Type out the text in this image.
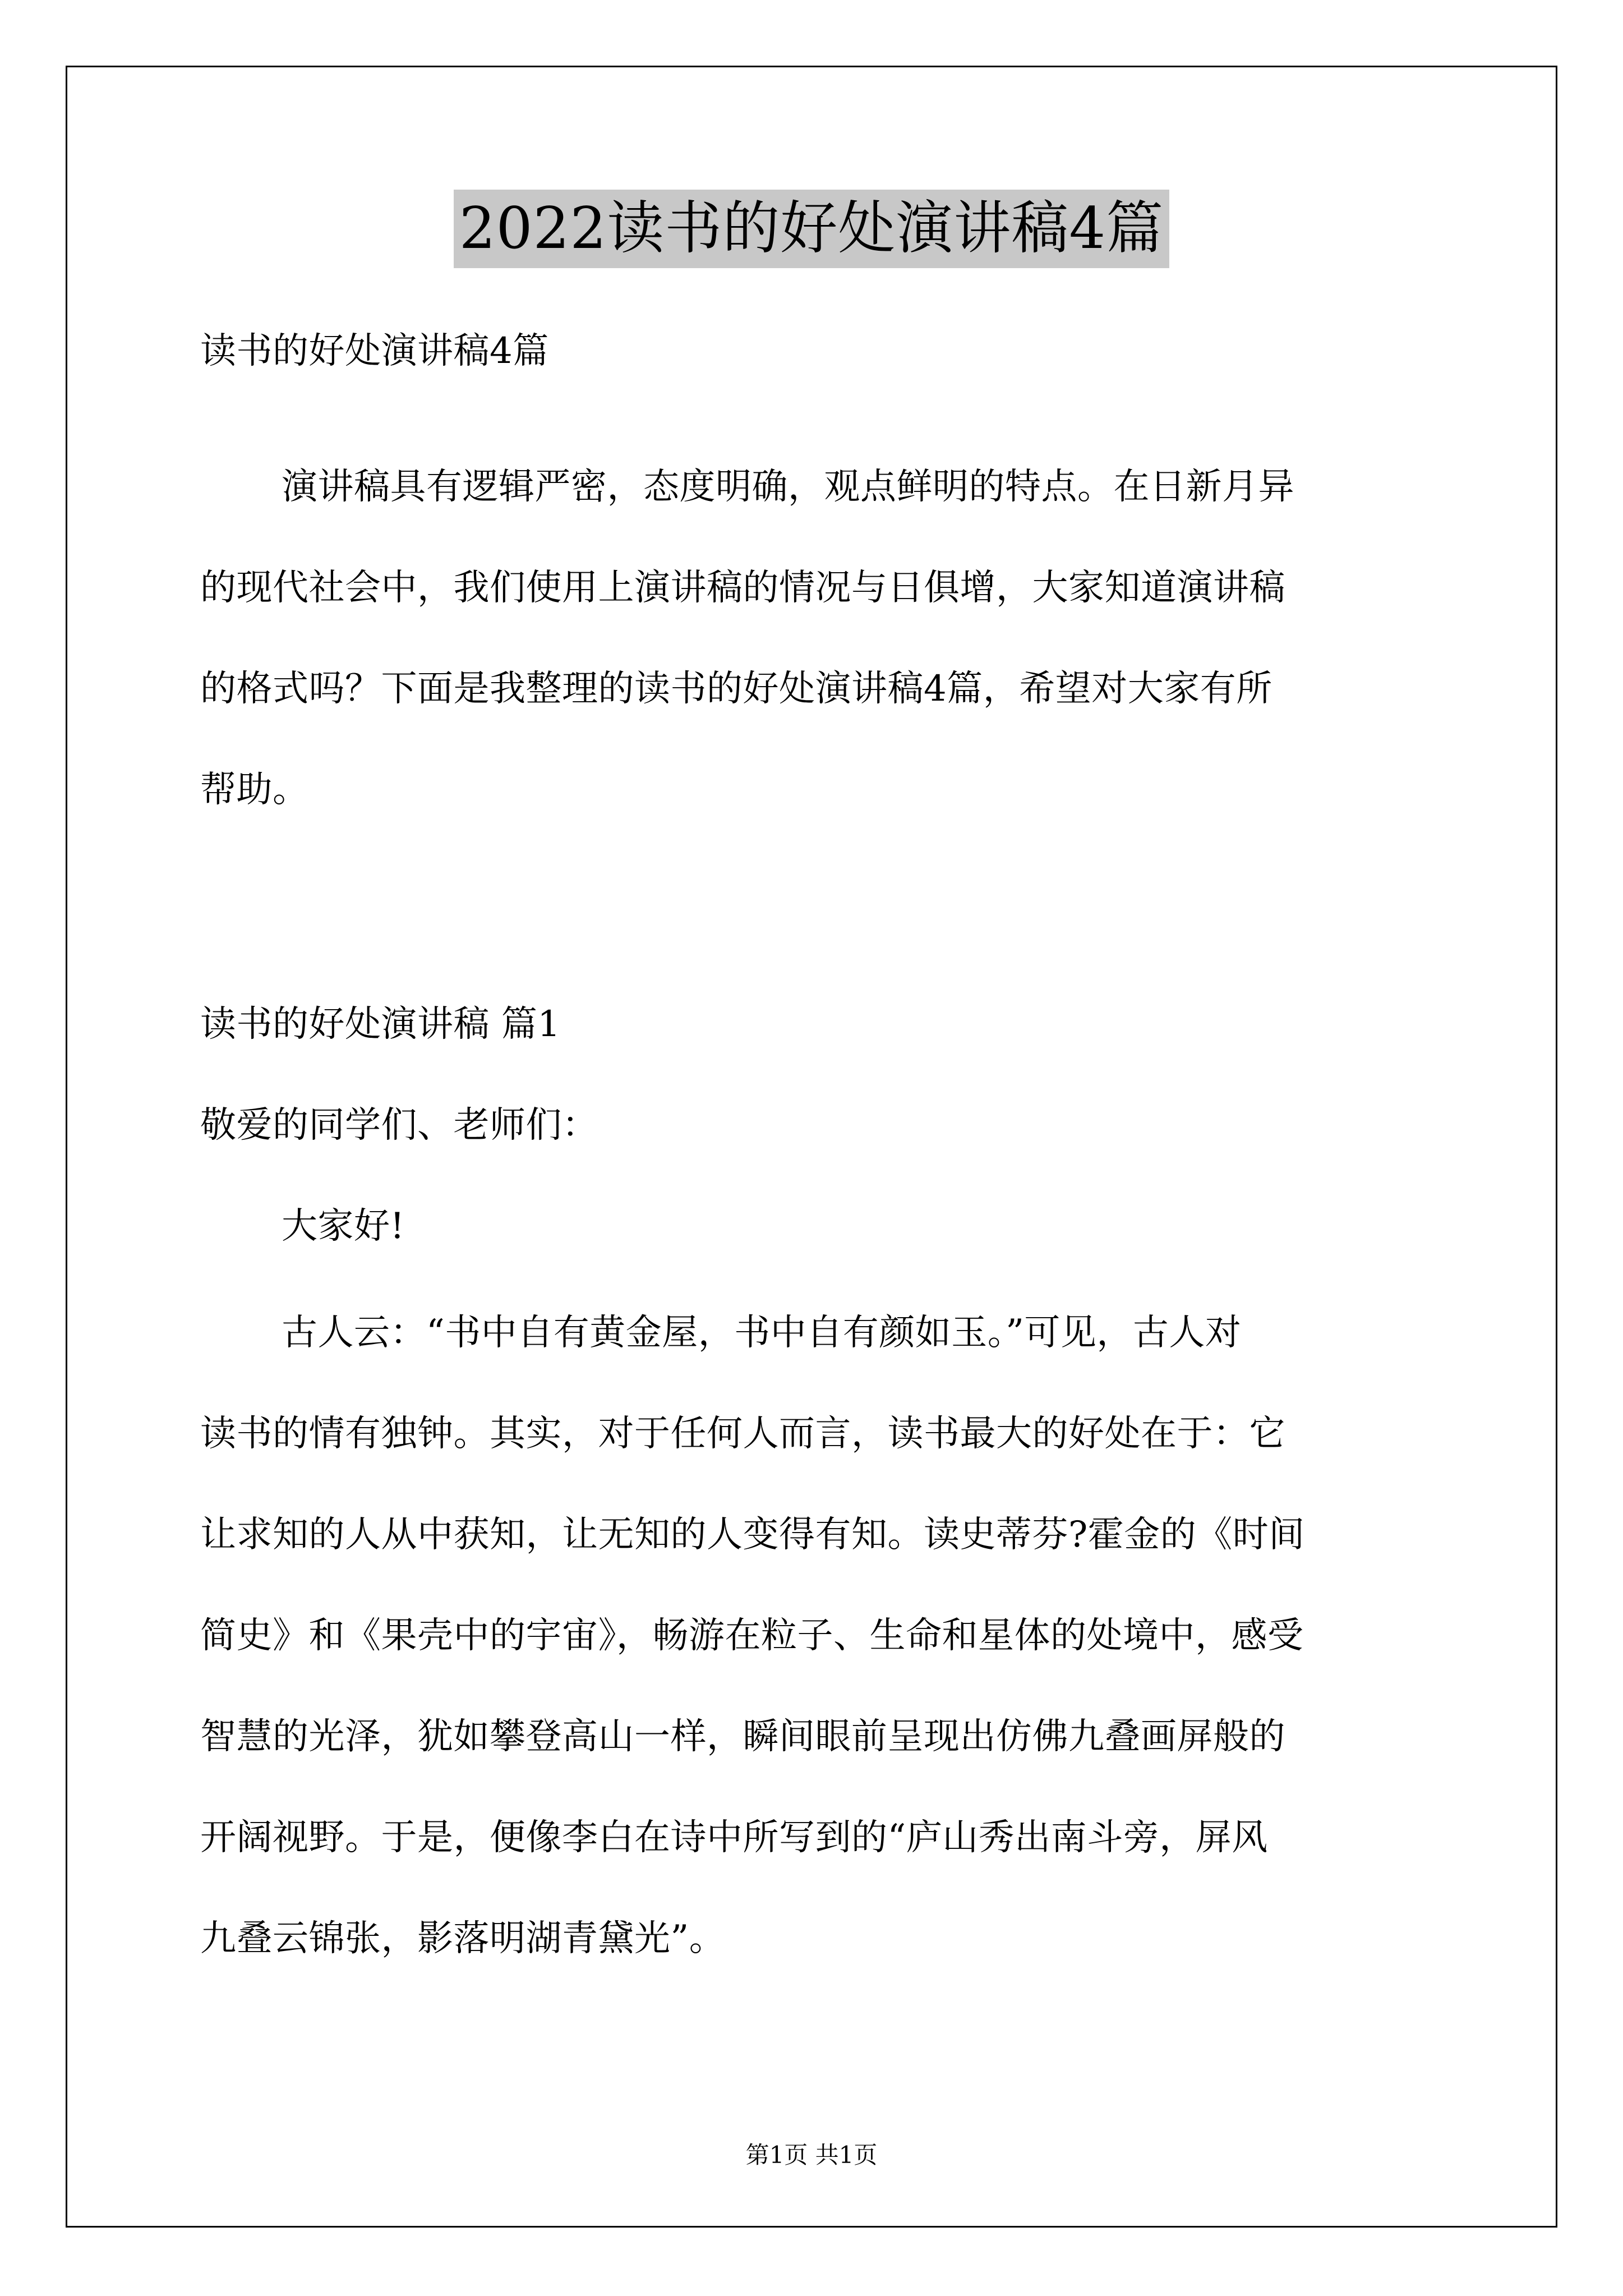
2022读书的好处演讲稿4篇

读书的好处演讲稿4篇

演讲稿具有逻辑严密，态度明确，观点鲜明的特点。在日新月异

的现代社会中，我们使用上演讲稿的情况与日俱增，大家知道演讲稿

的格式吗？下面是我整理的读书的好处演讲稿4篇，希望对大家有所

帮助。

读书的好处演讲稿 篇1

敬爱的同学们、老师们：

大家好!

古人云：“书中自有黄金屋，书中自有颜如玉。”可见，古人对

读书的情有独钟。其实，对于任何人而言，读书最大的好处在于：它

让求知的人从中获知，让无知的人变得有知。读史蒂芬?霍金的《时间

简史》和《果壳中的宇宙》，畅游在粒子、生命和星体的处境中，感受

智慧的光泽，犹如攀登高山一样，瞬间眼前呈现出仿佛九叠画屏般的

开阔视野。于是，便像李白在诗中所写到的“庐山秀出南斗旁，屏风

九叠云锦张，影落明湖青黛光”。

第1页 共1页
